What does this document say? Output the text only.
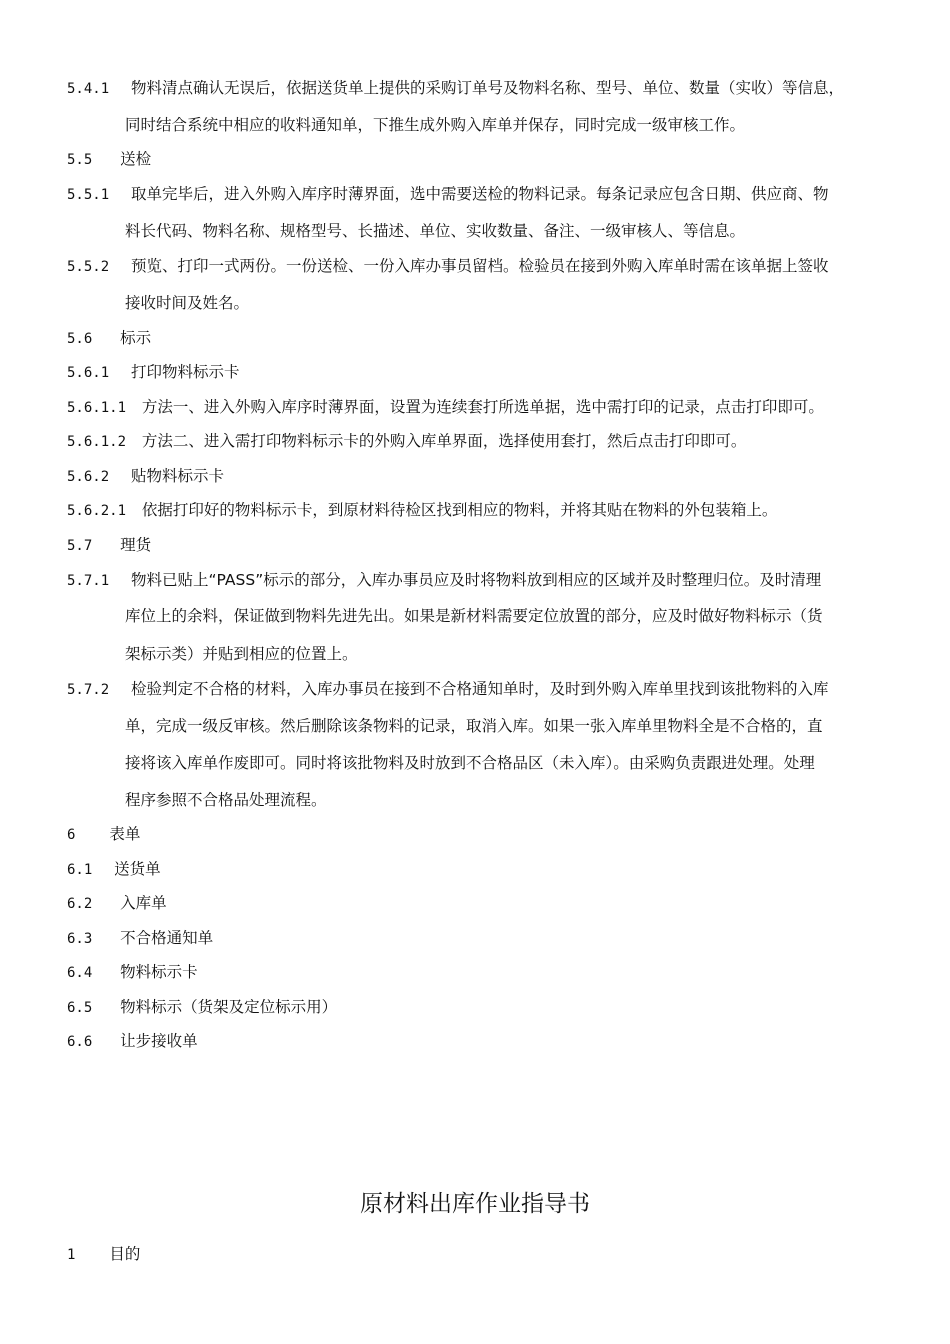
5.4.1 物料清点确认无误后，依据送货单上提供的采购订单号及物料名称、型号、单位、数量（实收）等信息，
同时结合系统中相应的收料通知单，下推生成外购入库单并保存，同时完成一级审核工作。
5.5 送检
5.5.1 取单完毕后，进入外购入库序时薄界面，选中需要送检的物料记录。每条记录应包含日期、供应商、物
料长代码、物料名称、规格型号、长描述、单位、实收数量、备注、一级审核人、等信息。
5.5.2 预览、打印一式两份。一份送检、一份入库办事员留档。检验员在接到外购入库单时需在该单据上签收
接收时间及姓名。
5.6 标示
5.6.1 打印物料标示卡
5.6.1.1 方法一、进入外购入库序时薄界面，设置为连续套打所选单据，选中需打印的记录，点击打印即可。
5.6.1.2 方法二、进入需打印物料标示卡的外购入库单界面，选择使用套打，然后点击打印即可。
5.6.2 贴物料标示卡
5.6.2.1 依据打印好的物料标示卡，到原材料待检区找到相应的物料，并将其贴在物料的外包装箱上。
5.7 理货
5.7.1 物料已贴上“PASS”标示的部分，入库办事员应及时将物料放到相应的区域并及时整理归位。及时清理
库位上的余料，保证做到物料先进先出。如果是新材料需要定位放置的部分，应及时做好物料标示（货
架标示类）并贴到相应的位置上。
5.7.2 检验判定不合格的材料，入库办事员在接到不合格通知单时，及时到外购入库单里找到该批物料的入库
单，完成一级反审核。然后删除该条物料的记录，取消入库。如果一张入库单里物料全是不合格的，直
接将该入库单作废即可。同时将该批物料及时放到不合格品区（未入库）。由采购负责跟进处理。处理
程序参照不合格品处理流程。
6 表单
6.1 送货单
6.2 入库单
6.3 不合格通知单
6.4 物料标示卡
6.5 物料标示（货架及定位标示用）
6.6 让步接收单
原材料出库作业指导书
1 目的
